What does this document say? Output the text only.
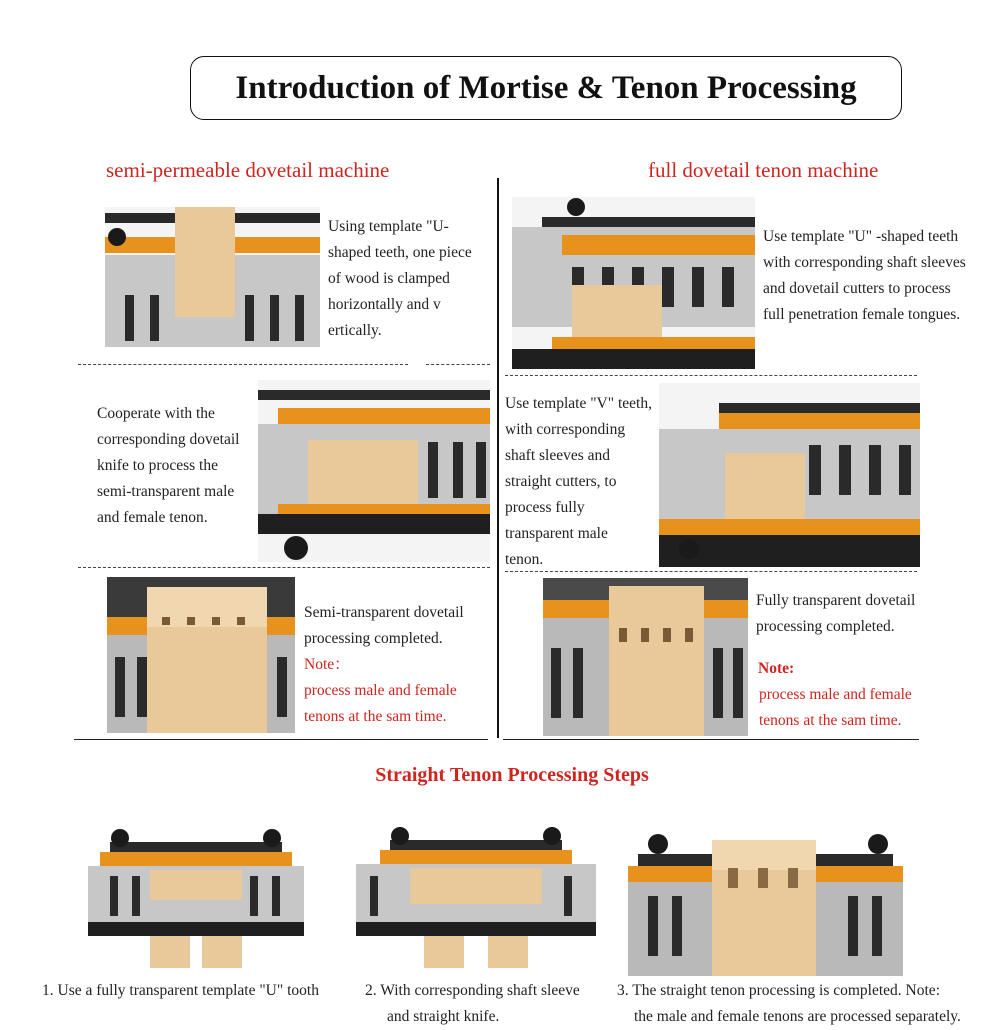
Introduction of Mortise & Tenon Processing
semi-permeable dovetail machine	full dovetail tenon machine
Using template "U-
shaped teeth, one piece
of wood is clamped
horizontally and v
ertically.
Cooperate with the
corresponding dovetail
knife to process the
semi-transparent male
and female tenon.
Semi-transparent dovetail
processing completed.
Note：
process male and female
tenons at the sam time.
Use template "U" -shaped teeth
with corresponding shaft sleeves
and dovetail cutters to process
full penetration female tongues.
Use template "V" teeth,
with corresponding
shaft sleeves and
straight cutters, to
process fully
transparent male
tenon.
Fully transparent dovetail
processing completed.
Note:
process male and female
tenons at the sam time.
Straight Tenon Processing Steps
1. Use a fully transparent template "U" tooth	2. With corresponding shaft sleeve
and straight knife.
3. The straight tenon processing is completed. Note:
the male and female tenons are processed separately.
